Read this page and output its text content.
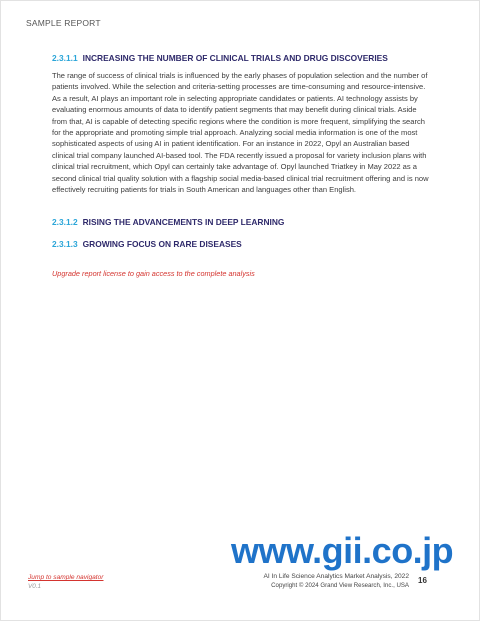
SAMPLE REPORT
2.3.1.1 INCREASING THE NUMBER OF CLINICAL TRIALS AND DRUG DISCOVERIES

The range of success of clinical trials is influenced by the early phases of population selection and the number of patients involved. While the selection and criteria-setting processes are time-consuming and resource-intensive. As a result, AI plays an important role in selecting appropriate candidates or patients. AI technology assists by evaluating enormous amounts of data to identify patient segments that may benefit during clinical trials. Aside from that, AI is capable of detecting specific regions where the condition is more frequent, simplifying the search for the appropriate and promoting simple trial approach. Analyzing social media information is one of the most sophisticated aspects of using AI in patient identification. For an instance in 2022, Opyl an Australian based clinical trial company launched AI-based tool. The FDA recently issued a proposal for variety inclusion plans with clinical trial recruitment, which Opyl can certainly take advantage of. Opyl launched Triatkey in May 2022 as a second clinical trial quality solution with a flagship social media-based clinical trial recruitment offering and is now effectively recruiting patients for trials in South American and languages other than English.

2.3.1.2 RISING THE ADVANCEMENTS IN DEEP LEARNING
2.3.1.3 GROWING FOCUS ON RARE DISEASES
Upgrade report license to gain access to the complete analysis
www.gii.co.jp
Jump to sample navigator
V0.1
AI In Life Science Analytics Market Analysis, 2022
Copyright © 2024 Grand View Research, Inc., USA
16
